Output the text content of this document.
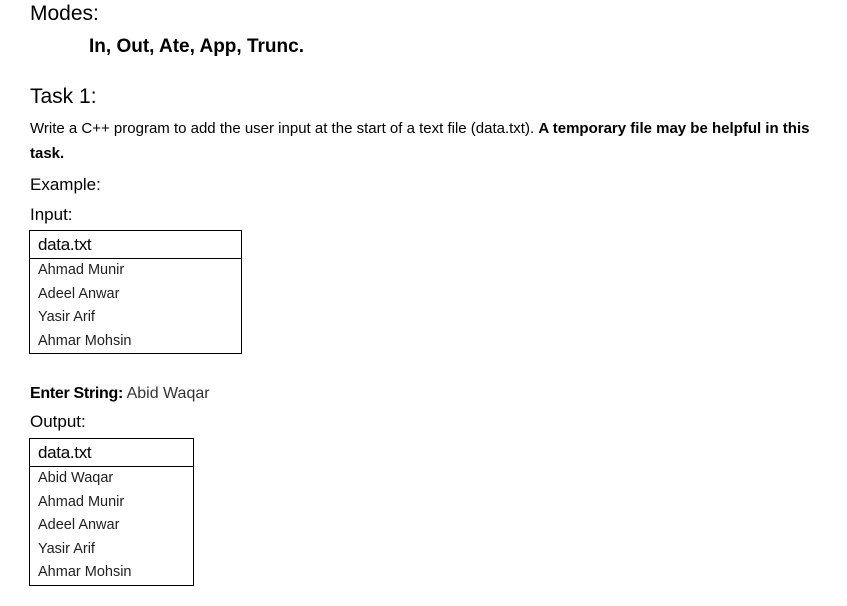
Modes:
In, Out, Ate, App, Trunc.
Task 1:
Write a C++ program to add the user input at the start of a text file (data.txt). A temporary file may be helpful in this task.
Example:
Input:
data.txt
Ahmad Munir
Adeel Anwar
Yasir Arif
Ahmar Mohsin
Enter String: Abid Waqar
Output:
data.txt
Abid Waqar
Ahmad Munir
Adeel Anwar
Yasir Arif
Ahmar Mohsin
